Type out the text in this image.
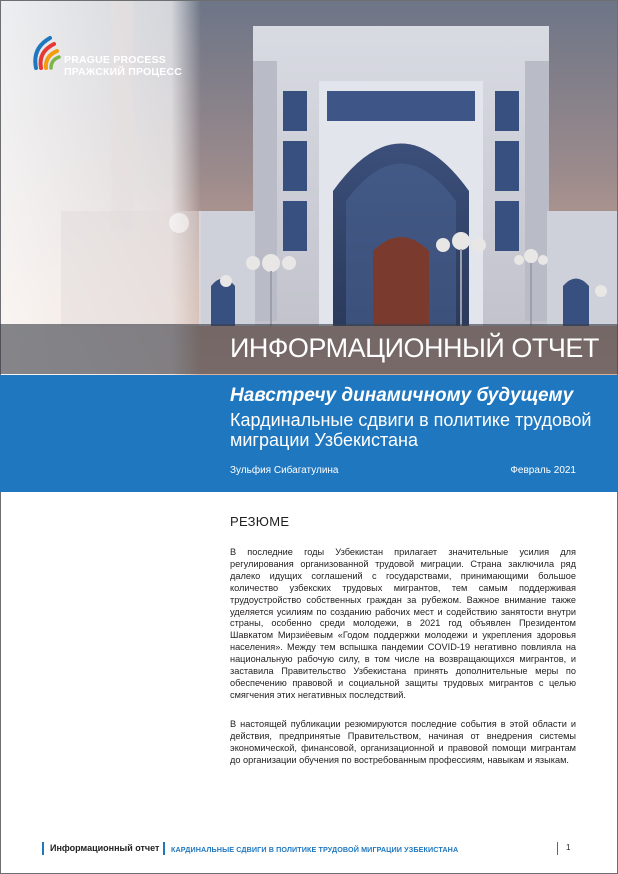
PRAGUE PROCESS
ПРАЖСКИЙ ПРОЦЕСС
ИНФОРМАЦИОННЫЙ ОТЧЕТ
Навстречу динамичному будущему
Кардинальные сдвиги в политике трудовой миграции Узбекистана
Зульфия Сибагатулина	Февраль 2021
РЕЗЮМЕ

В последние годы Узбекистан прилагает значительные усилия для регулирования организованной трудовой миграции. Страна заключила ряд далеко идущих соглашений с государствами, принимающими большое количество узбекских трудовых мигрантов, тем самым поддерживая трудоустройство собственных граждан за рубежом. Важное внимание также уделяется усилиям по созданию рабочих мест и содействию занятости внутри страны, особенно среди молодежи, в 2021 год объявлен Президентом Шавкатом Мирзиёевым «Годом поддержки молодежи и укрепления здоровья населения». Между тем вспышка пандемии COVID-19 негативно повлияла на национальную рабочую силу, в том числе на возвращающихся мигрантов, и заставила Правительство Узбекистана принять дополнительные меры по обеспечению правовой и социальной защиты трудовых мигрантов с целью смягчения этих негативных последствий.

В настоящей публикации резюмируются последние события в этой области и действия, предпринятые Правительством, начиная от внедрения системы экономической, финансовой, организационной и правовой помощи мигрантам до организации обучения по востребованным профессиям, навыкам и языкам.

Информационный отчет КАРДИНАЛЬНЫЕ СДВИГИ В ПОЛИТИКЕ ТРУДОВОЙ МИГРАЦИИ УЗБЕКИСТАНА	1
